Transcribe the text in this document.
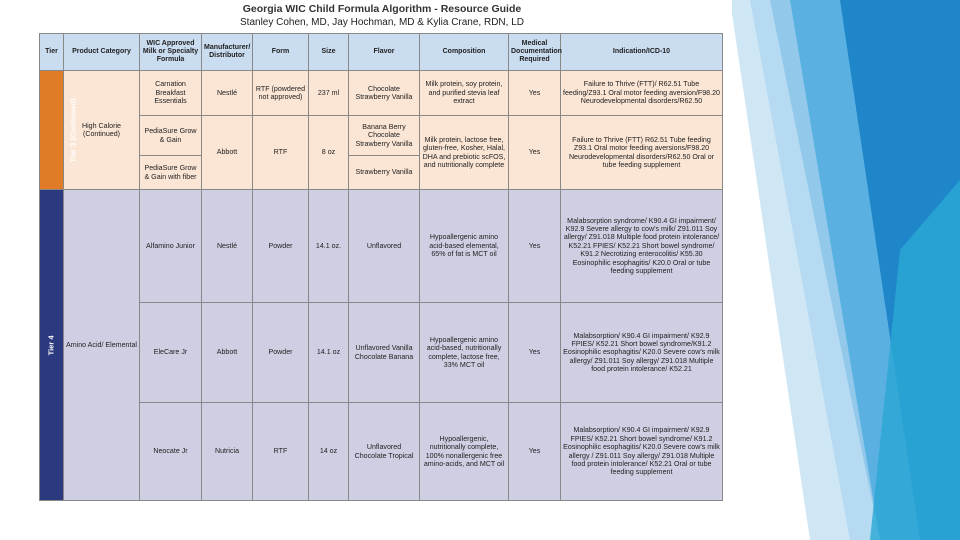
Georgia WIC Child Formula Algorithm - Resource Guide
Stanley Cohen, MD, Jay Hochman, MD & Kylia Crane, RDN, LD
Tier	Product Category	WIC Approved Milk or Specialty Formula	Manufacturer/ Distributor	Form	Size	Flavor	Composition	Medical Documentation Required	Indication/ICD-10
Tier 3 (Continued)	High Calorie (Continued)	Carnation Breakfast Essentials	Nestlé	RTF (powdered not approved)	237 ml	Chocolate Strawberry Vanilla	Milk protein, soy protein, and purified stevia leaf extract	Yes	Failure to Thrive (FTT)/ R62.51 Tube feeding/Z93.1 Oral motor feeding aversion/F98.20 Neurodevelopmental disorders/R62.50
		PediaSure Grow & Gain	Abbott	RTF	8 oz	Banana Berry Chocolate Strawberry Vanilla	Milk protein, lactose free, gluten-free, Kosher, Halal, DHA and prebiotic scFOS, and nutritionally complete	Yes	Failure to Thrive (FTT) R62.51 Tube feeding Z93.1 Oral motor feeding aversions/F98.20 Neurodevelopmental disorders/R62.50 Oral or tube feeding supplement
		PediaSure Grow & Gain with fiber				Strawberry Vanilla			
Tier 4	Amino Acid/ Elemental	Alfamino Junior	Nestlé	Powder	14.1 oz.	Unflavored	Hypoallergenic amino acid-based elemental, 65% of fat is MCT oil	Yes	Malabsorption syndrome/ K90.4 GI impairment/ K92.9 Severe allergy to cow's milk/ Z91.011 Soy allergy/ Z91.018 Multiple food protein intolerance/ K52.21 FPIES/ K52.21 Short bowel syndrome/ K91.2 Necrotizing enterocolitis/ K55.30 Eosinophilic esophagitis/ K20.0 Oral or tube feeding supplement
		EleCare Jr	Abbott	Powder	14.1 oz	Unflavored Vanilla Chocolate Banana	Hypoallergenic amino acid-based, nutritionally complete, lactose free, 33% MCT oil	Yes	Malabsorption/ K90.4 GI impairment/ K92.9 FPIES/ K52.21 Short bowel syndrome/K91.2 Eosinophilic esophagitis/ K20.0 Severe cow's milk allergy/ Z91.011 Soy allergy/ Z91.018 Multiple food protein intolerance/ K52.21
		Neocate Jr	Nutricia	RTF	14 oz	Unflavored Chocolate Tropical	Hypoallergenic, nutritionally complete, 100% nonallergenic free amino-acids, and MCT oil	Yes	Malabsorption/ K90.4 GI impairment/ K92.9 FPIES/ K52.21 Short bowel syndrome/ K91.2 Eosinophilic esophagitis/ K20.0 Severe cow's milk allergy / Z91.011 Soy allergy/ Z91.018 Multiple food protein intolerance/ K52.21 Oral or tube feeding supplement
